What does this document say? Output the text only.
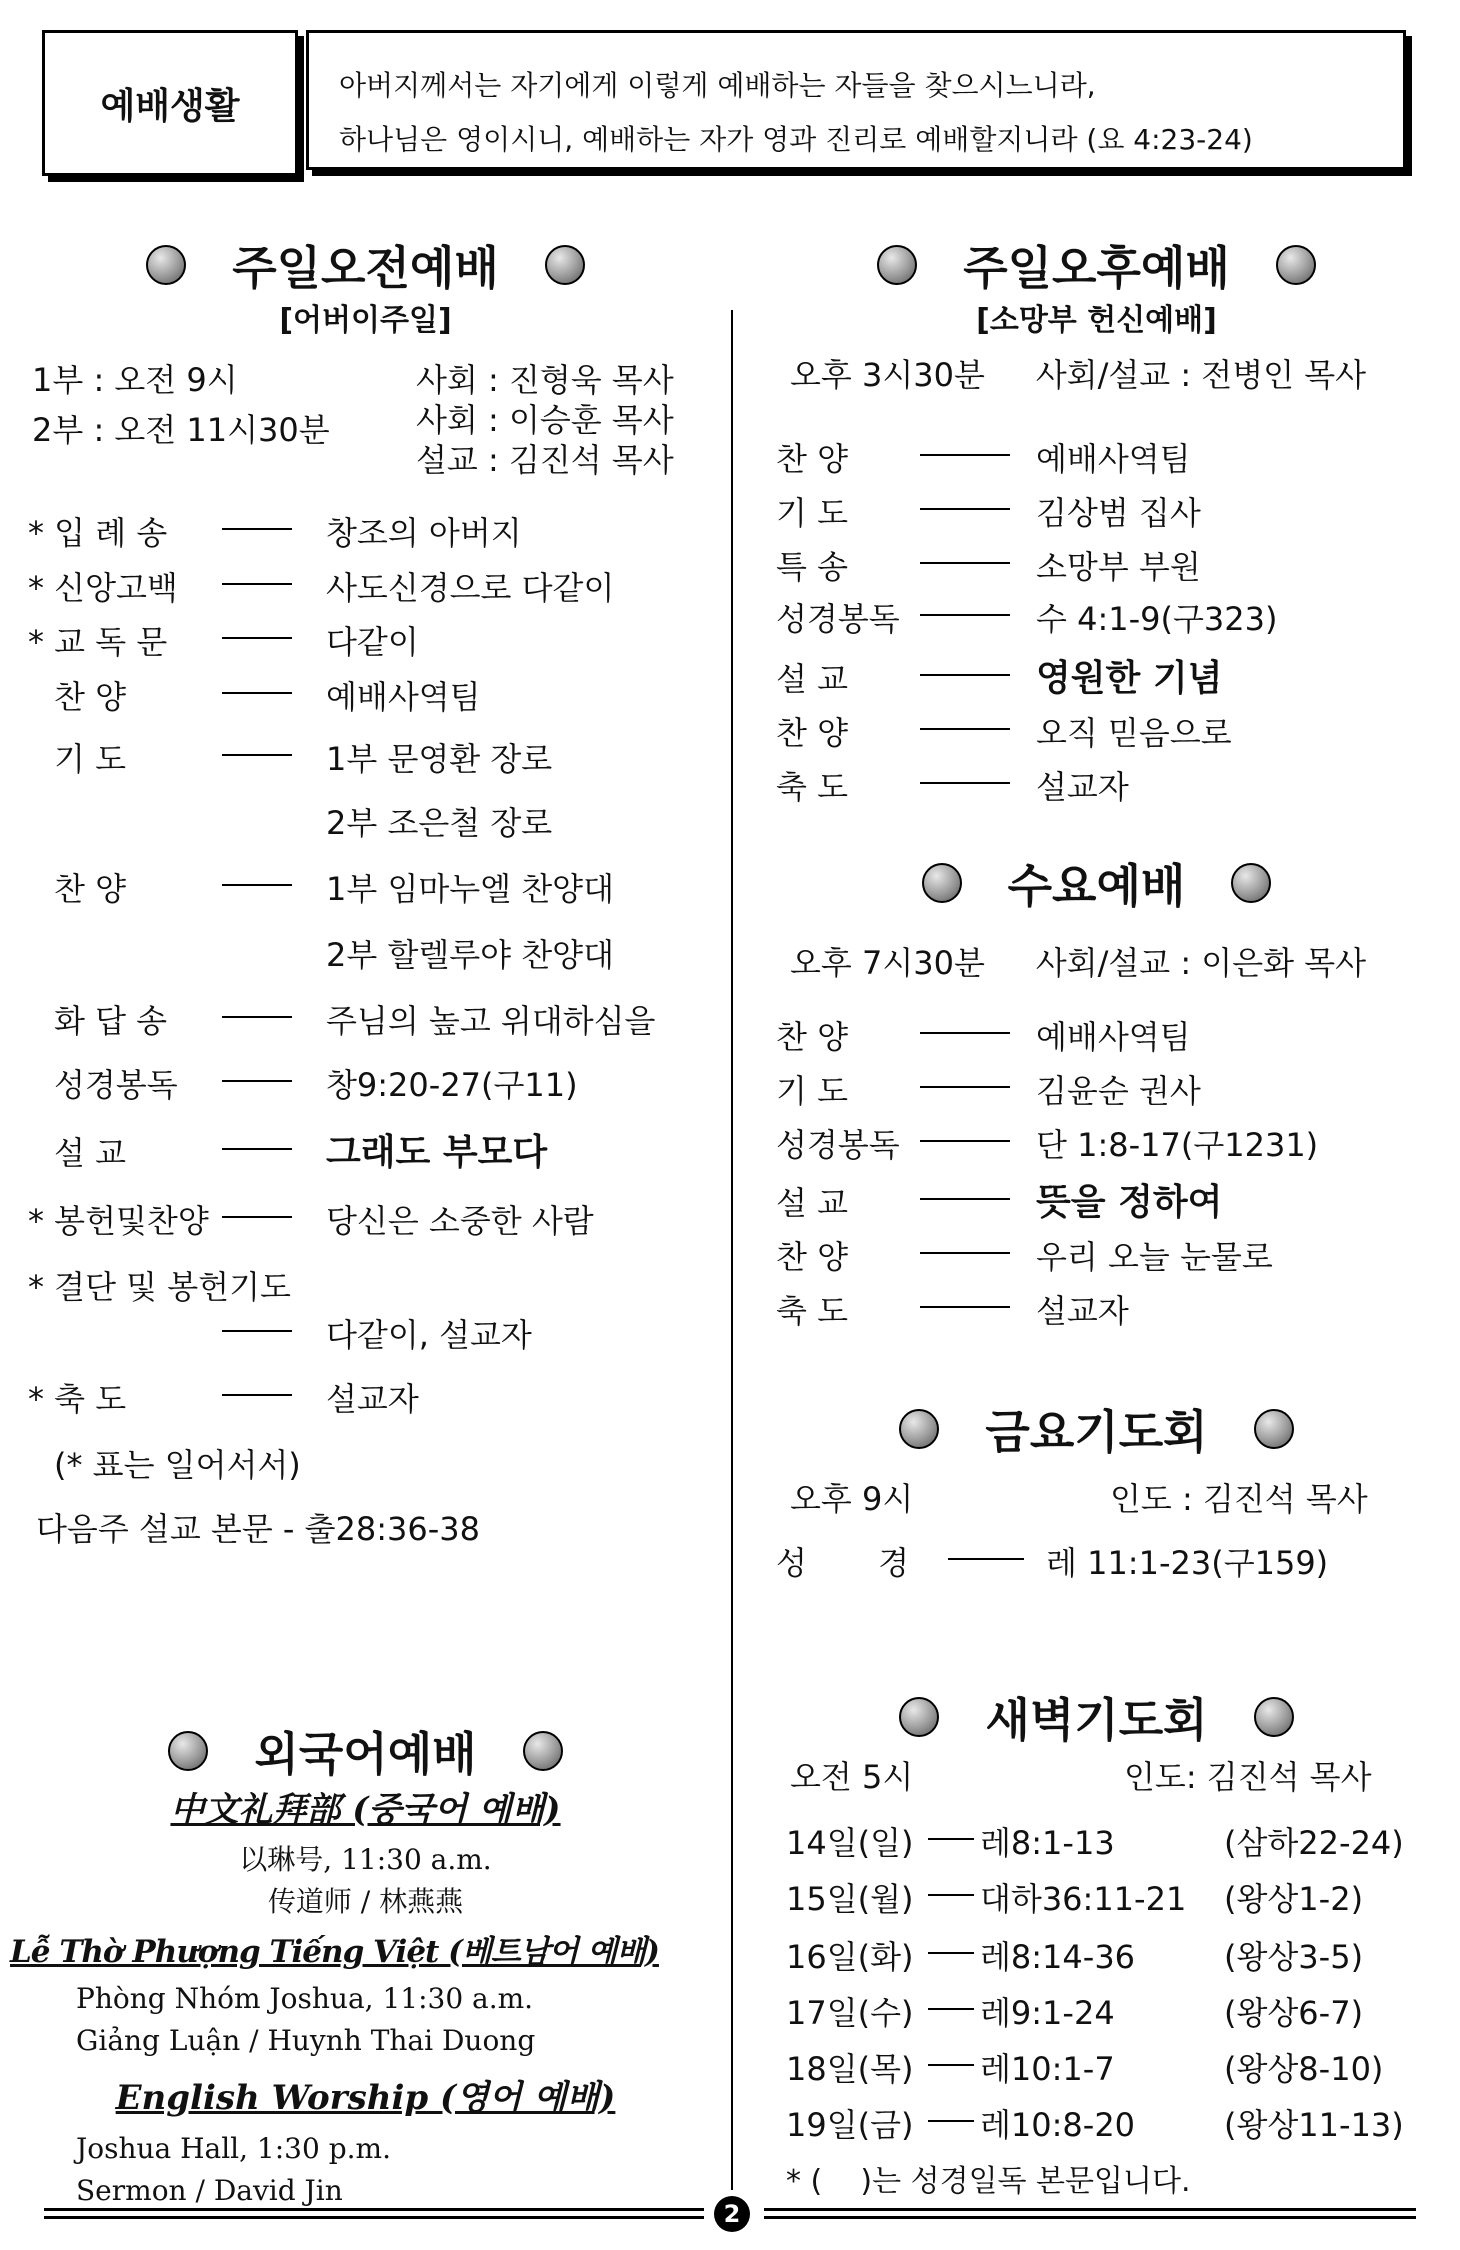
예배생활	아버지께서는 자기에게 이렇게 예배하는 자들을 찾으시느니라,
하나님은 영이시니, 예배하는 자가 영과 진리로 예배할지니라 (요 4:23-24)
주일오전예배
[어버이주일]
1부 : 오전 9시
2부 : 오전 11시30분
사회 : 진형욱 목사
사회 : 이승훈 목사
설교 : 김진석 목사
* 입 례 송	창조의 아버지
* 신앙고백	사도신경으로 다같이
* 교 독 문	다같이
찬 양	예배사역팀
기 도	1부 문영환 장로
2부 조은철 장로
찬 양	1부 임마누엘 찬양대
2부 할렐루야 찬양대
화 답 송	주님의 높고 위대하심을
성경봉독	창9:20-27(구11)
설 교	그래도 부모다
* 봉헌및찬양	당신은 소중한 사람
* 결단 및 봉헌기도
다같이, 설교자
* 축 도	설교자
(* 표는 일어서서)
다음주 설교 본문 - 출28:36-38
외국어예배
中文礼拜部 (중국어 예배)
以琳号, 11:30 a.m.
传道师 / 林燕燕
Lễ Thờ Phượng Tiếng Việt (베트남어 예배)
Phòng Nhóm Joshua, 11:30 a.m.
Giảng Luận / Huynh Thai Duong
English Worship (영어 예배)
Joshua Hall, 1:30 p.m.
Sermon / David Jin
주일오후예배
[소망부 헌신예배]
오후 3시30분     사회/설교 : 전병인 목사
찬 양	예배사역팀
기 도	김상범 집사
특 송	소망부 부원
성경봉독	수 4:1-9(구323)
설 교	영원한 기념
찬 양	오직 믿음으로
축 도	설교자
수요예배
오후 7시30분     사회/설교 : 이은화 목사
찬 양	예배사역팀
기 도	김윤순 권사
성경봉독	단 1:8-17(구1231)
설 교	뜻을 정하여
찬 양	우리 오늘 눈물로
축 도	설교자
금요기도회
오후 9시	인도 : 김진석 목사
성       경	레 11:1-23(구159)
새벽기도회
오전 5시	인도: 김진석 목사
14일(일) 레8:1-13	(삼하22-24)
15일(월) 대하36:11-21 (왕상1-2)
16일(화) 레8:14-36	(왕상3-5)
17일(수) 레9:1-24	(왕상6-7)
18일(목) 레10:1-7	(왕상8-10)
19일(금) 레10:8-20	(왕상11-13)
* (    )는 성경일독 본문입니다.
2
